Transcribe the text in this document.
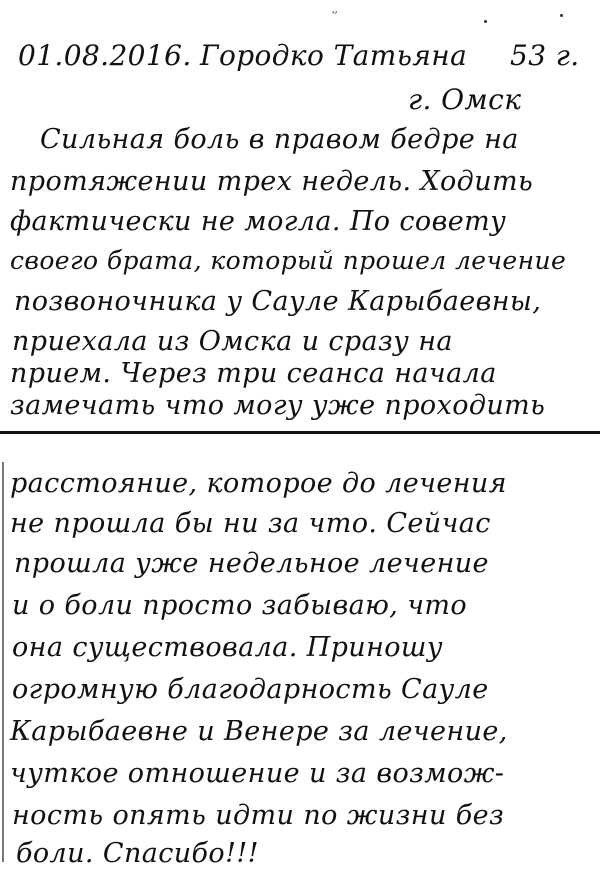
ᵕ
01.08.2016. Городко Татьяна 53 г.
г. Омск
Сильная боль в правом бедре на
протяжении трех недель. Ходить
фактически не могла. По совету
своего брата, который прошел лечение
позвоночника у Сауле Карыбаевны,
приехала из Омска и сразу на
прием. Через три сеанса начала
замечать что могу уже проходить
расстояние, которое до лечения
не прошла бы ни за что. Сейчас
прошла уже недельное лечение
и о боли просто забываю, что
она существовала. Приношу
огромную благодарность Сауле
Карыбаевне и Венере за лечение,
чуткое отношение и за возмож-
ность опять идти по жизни без
боли. Спасибо!!!
